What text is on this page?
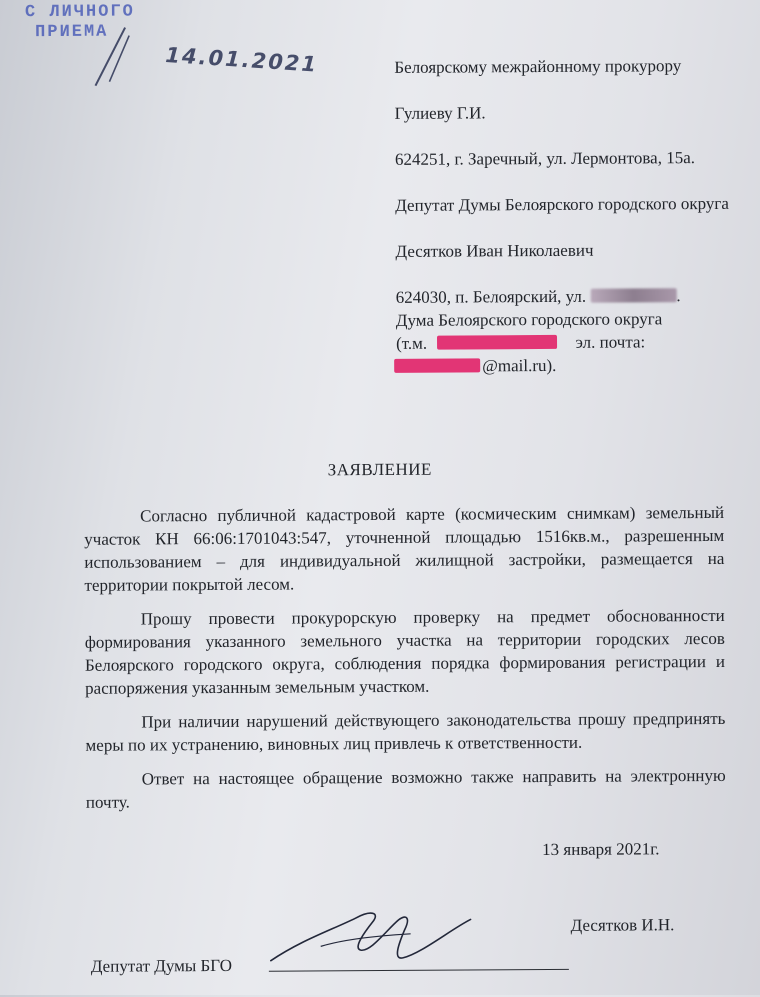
С ЛИЧНОГО
ПРИЕМА
14.01.2021	Белоярскому межрайонному прокурору

Гулиеву Г.И.

624251, г. Заречный, ул. Лермонтова, 15а.

Депутат Думы Белоярского городского округа

Десятков Иван Николаевич

624030, п. Белоярский, ул.	.
Дума Белоярского городского округа
(т.м.	эл. почта:
@mail.ru).
ЗАЯВЛЕНИЕ

Согласно публичной кадастровой карте (космическим снимкам) земельный участок КН 66:06:1701043:547, уточненной площадью 1516кв.м., разрешенным использованием – для индивидуальной жилищной застройки, размещается на территории покрытой лесом.

Прошу провести прокурорскую проверку на предмет обоснованности формирования указанного земельного участка на территории городских лесов Белоярского городского округа, соблюдения порядка формирования регистрации и распоряжения указанным земельным участком.

При наличии нарушений действующего законодательства прошу предпринять меры по их устранению, виновных лиц привлечь к ответственности.

Ответ на настоящее обращение возможно также направить на электронную почту.

13 января 2021г.
Депутат Думы БГО
Десятков И.Н.
